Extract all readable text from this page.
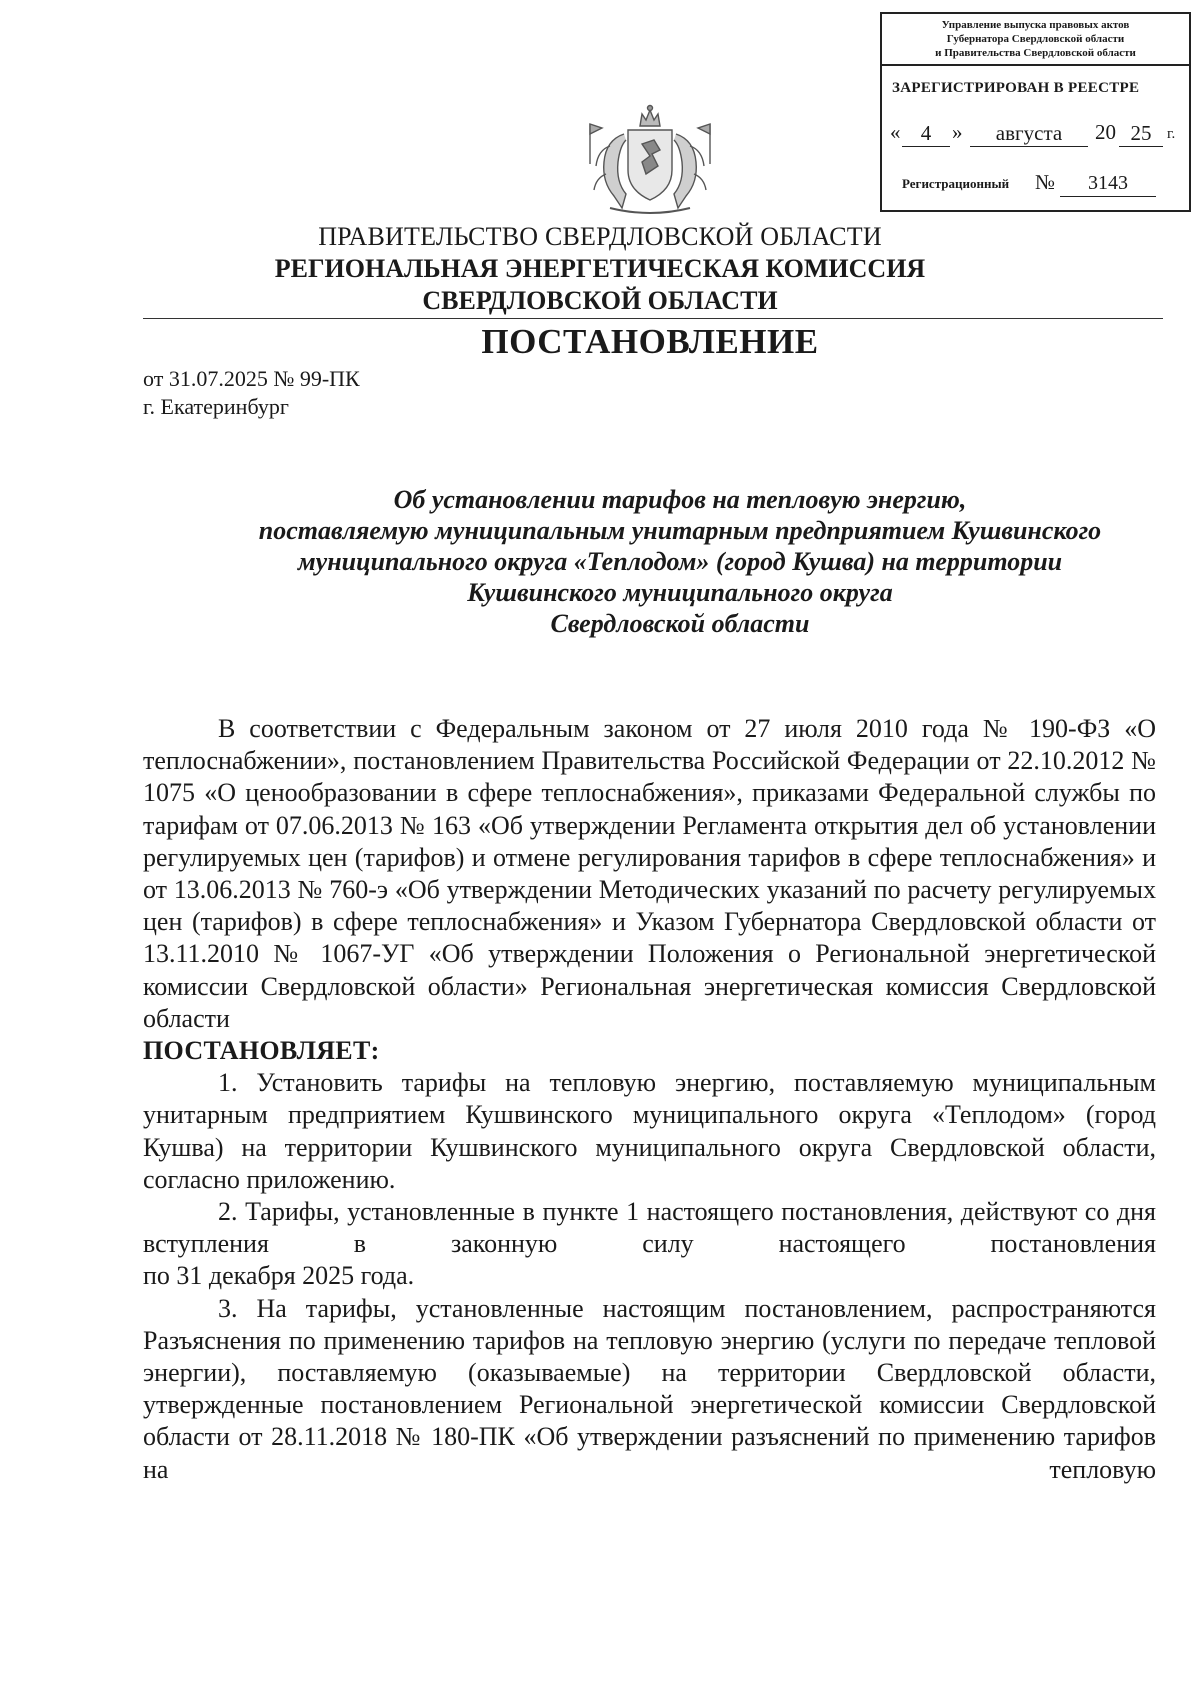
Управление выпуска правовых актов
Губернатора Свердловской области
и Правительства Свердловской области
ЗАРЕГИСТРИРОВАН В РЕЕСТРЕ
« 4 »	августа	20 25	г.
Регистрационный №	3143
ПРАВИТЕЛЬСТВО СВЕРДЛОВСКОЙ ОБЛАСТИ
РЕГИОНАЛЬНАЯ ЭНЕРГЕТИЧЕСКАЯ КОМИССИЯ
СВЕРДЛОВСКОЙ ОБЛАСТИ
ПОСТАНОВЛЕНИЕ
от 31.07.2025 № 99-ПК
г. Екатеринбург
Об установлении тарифов на тепловую энергию,
поставляемую муниципальным унитарным предприятием Кушвинского
муниципального округа «Теплодом» (город Кушва) на территории
Кушвинского муниципального округа
Свердловской области

В соответствии с Федеральным законом от 27 июля 2010 года № 190-ФЗ «О теплоснабжении», постановлением Правительства Российской Федерации от 22.10.2012 № 1075 «О ценообразовании в сфере теплоснабжения», приказами Федеральной службы по тарифам от 07.06.2013 № 163 «Об утверждении Регламента открытия дел об установлении регулируемых цен (тарифов) и отмене регулирования тарифов в сфере теплоснабжения» и от 13.06.2013 № 760-э «Об утверждении Методических указаний по расчету регулируемых цен (тарифов) в сфере теплоснабжения» и Указом Губернатора Свердловской области от 13.11.2010 № 1067-УГ «Об утверждении Положения о Региональной энергетической комиссии Свердловской области» Региональная энергетическая комиссия Свердловской области

ПОСТАНОВЛЯЕТ:

1. Установить тарифы на тепловую энергию, поставляемую муниципальным унитарным предприятием Кушвинского муниципального округа «Теплодом» (город Кушва) на территории Кушвинского муниципального округа Свердловской области, согласно приложению.

2. Тарифы, установленные в пункте 1 настоящего постановления, действуют со дня вступления в законную силу настоящего постановления

по 31 декабря 2025 года.

3. На тарифы, установленные настоящим постановлением, распространяются Разъяснения по применению тарифов на тепловую энергию (услуги по передаче тепловой энергии), поставляемую (оказываемые) на территории Свердловской области, утвержденные постановлением Региональной энергетической комиссии Свердловской области от 28.11.2018 № 180-ПК «Об утверждении разъяснений по применению тарифов на тепловую
